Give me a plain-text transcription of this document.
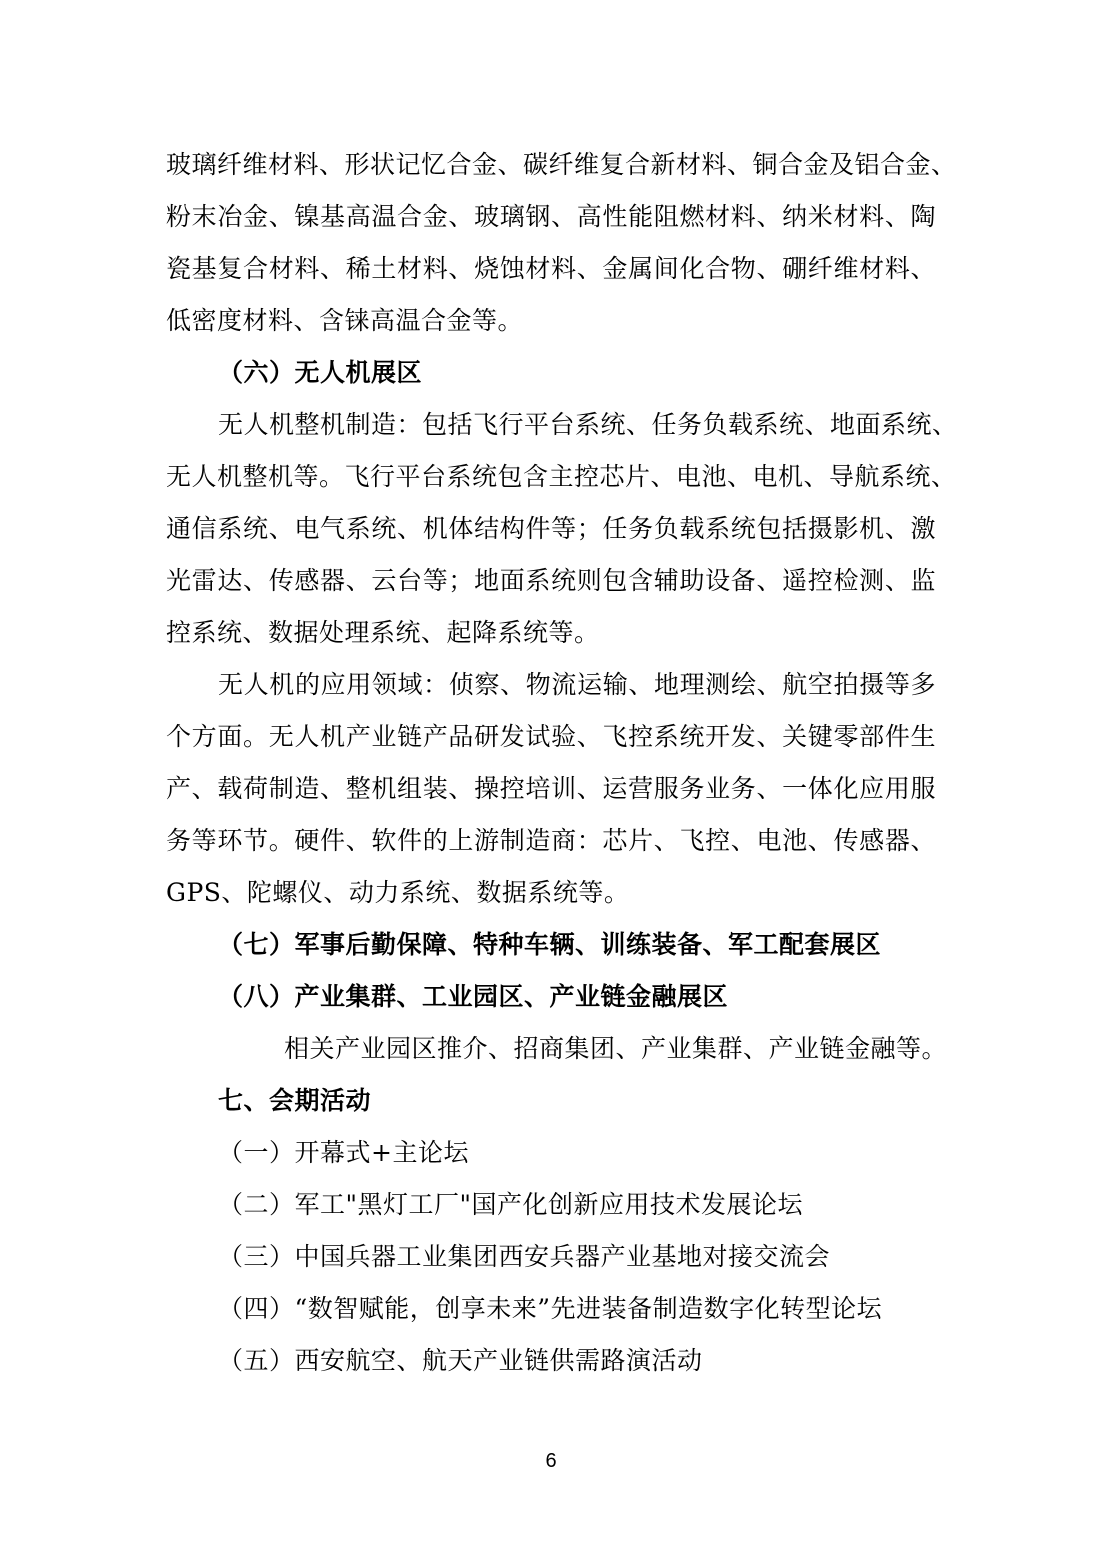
玻璃纤维材料、形状记忆合金、碳纤维复合新材料、铜合金及铝合金、
粉末冶金、镍基高温合金、玻璃钢、高性能阻燃材料、纳米材料、陶
瓷基复合材料、稀土材料、烧蚀材料、金属间化合物、硼纤维材料、
低密度材料、含铼高温合金等。
（六）无人机展区
无人机整机制造：包括飞行平台系统、任务负载系统、地面系统、
无人机整机等。飞行平台系统包含主控芯片、电池、电机、导航系统、
通信系统、电气系统、机体结构件等；任务负载系统包括摄影机、激
光雷达、传感器、云台等；地面系统则包含辅助设备、遥控检测、监
控系统、数据处理系统、起降系统等。
无人机的应用领域：侦察、物流运输、地理测绘、航空拍摄等多
个方面。无人机产业链产品研发试验、飞控系统开发、关键零部件生
产、载荷制造、整机组装、操控培训、运营服务业务、一体化应用服
务等环节。硬件、软件的上游制造商：芯片、飞控、电池、传感器、
GPS、陀螺仪、动力系统、数据系统等。
（七）军事后勤保障、特种车辆、训练装备、军工配套展区
（八）产业集群、工业园区、产业链金融展区
相关产业园区推介、招商集团、产业集群、产业链金融等。
七、会期活动
（一）开幕式+主论坛
（二）军工"黑灯工厂"国产化创新应用技术发展论坛
（三）中国兵器工业集团西安兵器产业基地对接交流会
（四）“数智赋能，创享未来”先进装备制造数字化转型论坛
（五）西安航空、航天产业链供需路演活动
6
